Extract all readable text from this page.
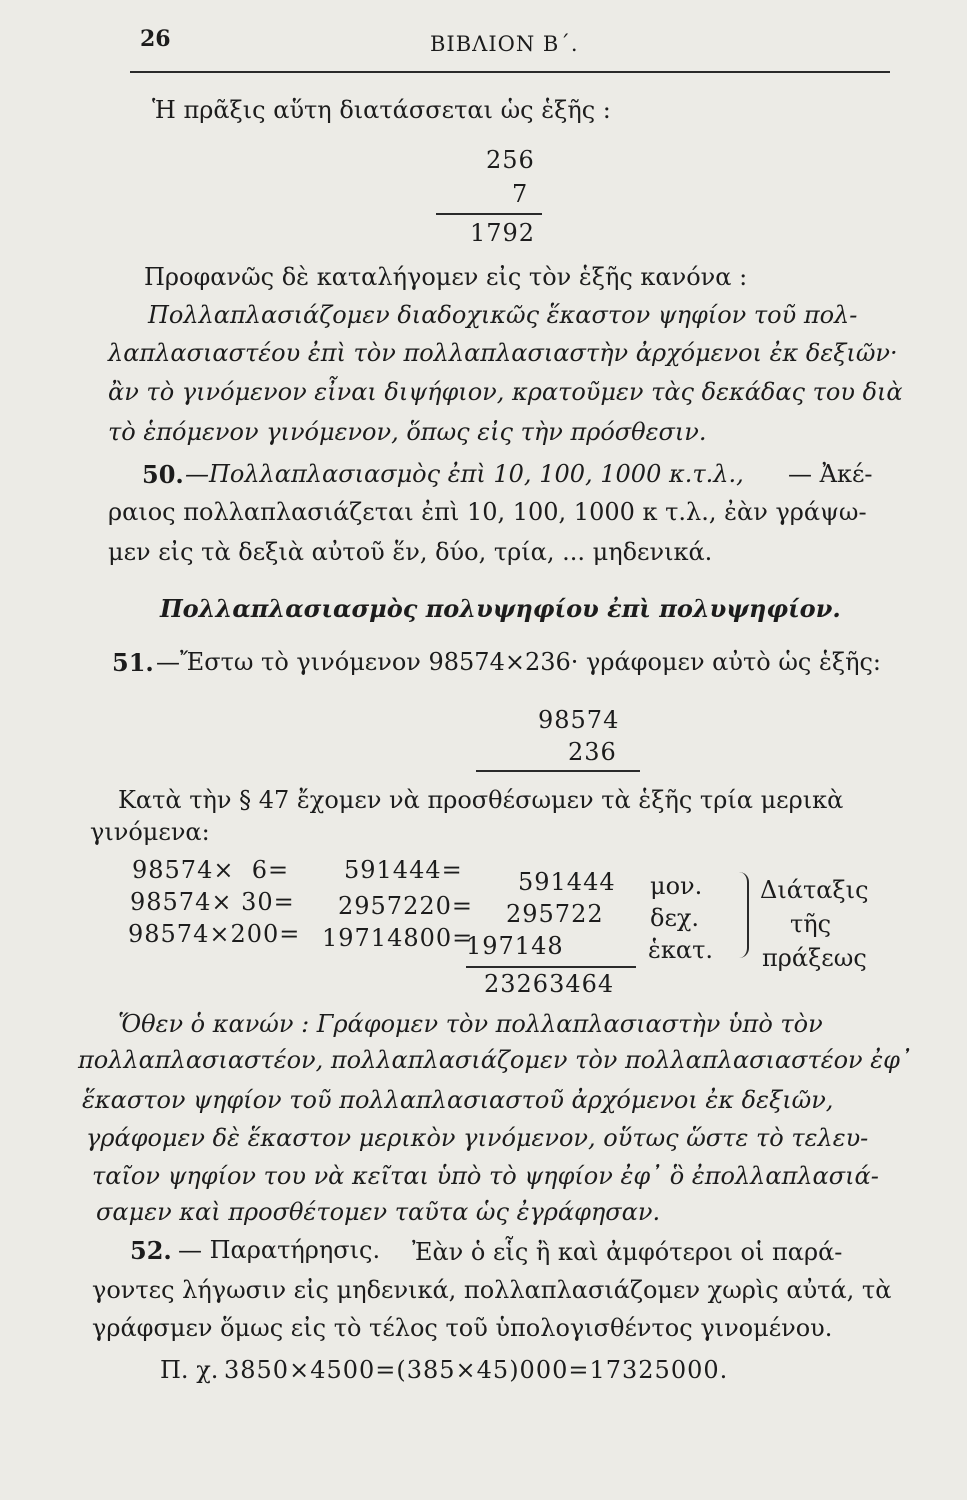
26	ΒΙΒΛΙΟΝ Β΄.
Ἡ πρᾶξις αὕτη διατάσσεται ὡς ἑξῆς :
256
7
1792
Προφανῶς δὲ καταλήγομεν εἰς τὸν ἑξῆς κανόνα :
Πολλαπλασιάζομεν διαδοχικῶς ἕκαστον ψηφίον τοῦ πολ-
λαπλασιαστέου ἐπὶ τὸν πολλαπλασιαστὴν ἀρχόμενοι ἐκ δεξιῶν·
ἂν τὸ γινόμενον εἶναι διψήφιον, κρατοῦμεν τὰς δεκάδας του διὰ
τὸ ἑπόμενον γινόμενον, ὅπως εἰς τὴν πρόσθεσιν.
50. —Πολλαπλασιασμὸς ἐπὶ 10, 100, 1000 κ.τ.λ., — Ἀκέ-
ραιος πολλαπλασιάζεται ἐπὶ 10, 100, 1000 κ τ.λ., ἐὰν γράψω-
μεν εἰς τὰ δεξιὰ αὐτοῦ ἕν, δύο, τρία, ... μηδενικά.
Πολλαπλασιασμὸς πολυψηφίου ἐπὶ πολυψηφίον.
51. —Ἔστω τὸ γινόμενον 98574×236· γράφομεν αὐτὸ ὡς ἑξῆς:
98574
236
Κατὰ τὴν § 47 ἔχομεν νὰ προσθέσωμεν τὰ ἑξῆς τρία μερικὰ
γινόμενα:
98574×  6= 591444= 591444 μον.
98574× 30= 2957220= 295722 δεχ.
98574×200= 19714800=
197148	ἑκατ.
Διάταξις
τῆς
πράξεως
23263464
Ὅθεν ὁ κανών : Γράφομεν τὸν πολλαπλασιαστὴν ὑπὸ τὸν
πολλαπλασιαστέον, πολλαπλασιάζομεν τὸν πολλαπλασιαστέον ἐφ᾽
ἕκαστον ψηφίον τοῦ πολλαπλασιαστοῦ ἀρχόμενοι ἐκ δεξιῶν,
γράφομεν δὲ ἕκαστον μερικὸν γινόμενον, οὕτως ὥστε τὸ τελευ-
ταῖον ψηφίον του νὰ κεῖται ὑπὸ τὸ ψηφίον ἐφ᾽ ὃ ἐπολλαπλασιά-
σαμεν καὶ προσθέτομεν ταῦτα ὡς ἐγράφησαν.
52. — Παρατήρησις. Ἐὰν ὁ εἷς ἢ καὶ ἀμφότεροι οἱ παρά-
γοντες λήγωσιν εἰς μηδενικά, πολλαπλασιάζομεν χωρὶς αὐτά, τὰ
γράφσμεν ὅμως εἰς τὸ τέλος τοῦ ὑπολογισθέντος γινομένου.
Π. χ. 3850×4500=(385×45)000=17325000.
